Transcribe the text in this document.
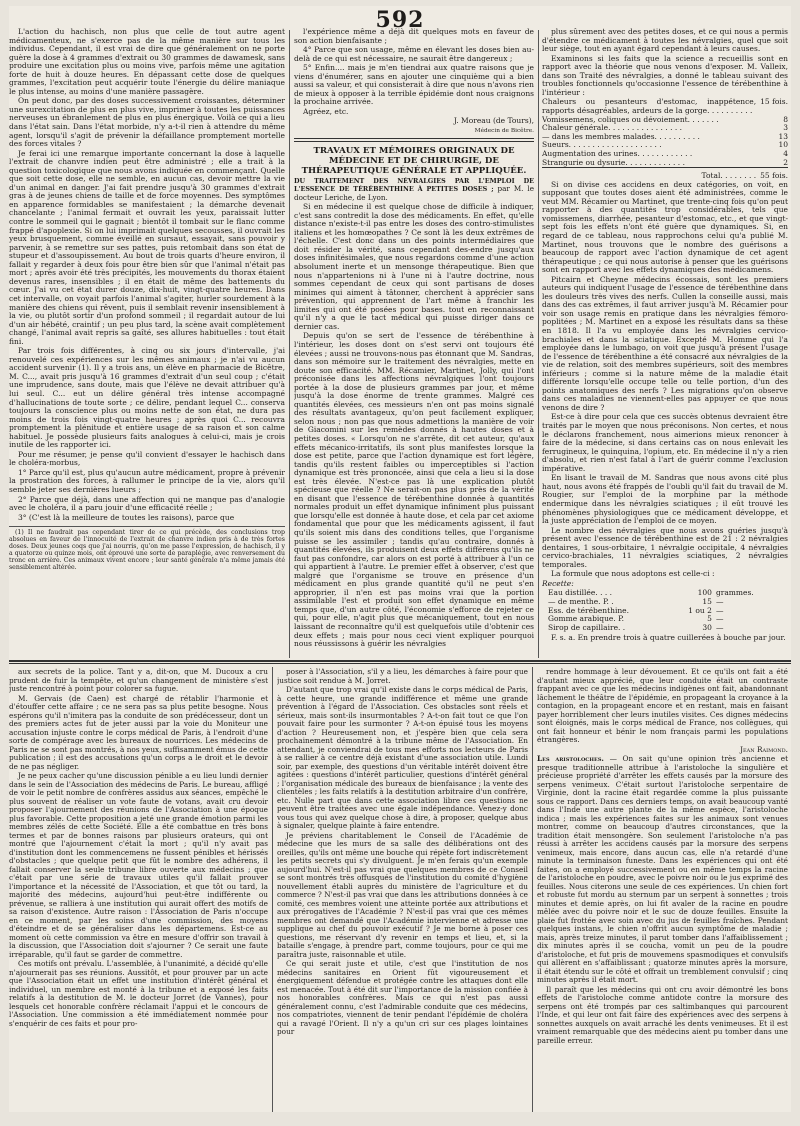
592

L'action du hachisch, non plus que celle de tout autre agent médicamenteux, ne s'exerce pas de la même manière sur tous les individus. Cependant, il est vrai de dire que généralement on ne porte guère la dose à 4 grammes d'extrait ou 30 grammes de dawamesk, sans produire une excitation plus ou moins vive, parfois même une agitation forte de huit à douze heures. En dépassant cette dose de quelques grammes, l'excitation peut acquérir toute l'énergie du délire maniaque le plus intense, au moins d'une manière passagère.

On peut donc, par des doses successivement croissantes, déterminer une surexcitation de plus en plus vive, imprimer à toutes les puissances nerveuses un ébranlement de plus en plus énergique. Voilà ce qui a lieu dans l'état sain. Dans l'état morbide, n'y a-t-il rien à attendre du même agent, lorsqu'il s'agit de prévenir la défaillance promptement mortelle des forces vitales ?

Je ferai ici une remarque importante concernant la dose à laquelle l'extrait de chanvre indien peut être administré ; elle a trait à la question toxicologique que nous avons indiquée en commençant. Quelle que soit cette dose, elle ne semble, en aucun cas, devoir mettre la vie d'un animal en danger. J'ai fait prendre jusqu'à 30 grammes d'extrait gras à de jeunes chiens de taille et de force moyennes. Des symptômes en apparence formidables se manifestaient ; la démarche devenait chancelante ; l'animal fermait et ouvrait les yeux, paraissait lutter contre le sommeil qui le gagnait ; bientôt il tombait sur le flanc comme frappé d'apoplexie. Si on lui imprimait quelques secousses, il ouvrait les yeux brusquement, comme éveillé en sursaut, essayait, sans pouvoir y parvenir, à se remettre sur ses pattes, puis retombait dans son état de stupeur et d'assoupissement. Au bout de trois quarts d'heure environ, il fallait y regarder à deux fois pour être bien sûr que l'animal n'était pas mort ; après avoir été très précipités, les mouvements du thorax étaient devenus rares, insensibles ; il en était de même des battements du cœur. J'ai vu cet état durer douze, dix-huit, vingt-quatre heures. Dans cet intervalle, on voyait parfois l'animal s'agiter, hurler sourdement à la manière des chiens qui rêvent, puis il semblait revenir insensiblement à la vie, ou plutôt sortir d'un profond sommeil ; il regardait autour de lui d'un air hébété, craintif ; un peu plus tard, la scène avait complètement changé, l'animal avait repris sa gaîté, ses allures habituelles : tout était fini.

Par trois fois différentes, à cinq ou six jours d'intervalle, j'ai renouvelé ces expériences sur les mêmes animaux ; je n'ai vu aucun accident survenir (1). Il y a trois ans, un élève en pharmacie de Bicêtre, M. C..., avait pris jusqu'à 16 grammes d'extrait d'un seul coup ; c'était une imprudence, sans doute, mais que l'élève ne devait attribuer qu'à lui seul. C... eut un délire général très intense accompagné d'hallucinations de toute sorte ; ce délire, pendant lequel C... conserva toujours la conscience plus ou moins nette de son état, ne dura pas moins de trois fois vingt-quatre heures ; après quoi C... recouvra promptement la plénitude et entière usage de sa raison et son calme habituel. Je possède plusieurs faits analogues à celui-ci, mais je crois inutile de les rapporter ici.

Pour me résumer, je pense qu'il convient d'essayer le hachisch dans le choléra-morbus,

1° Parce qu'il est, plus qu'aucun autre médicament, propre à prévenir la prostration des forces, à rallumer le principe de la vie, alors qu'il semble jeter ses dernières lueurs ;

2° Parce que déjà, dans une affection qui ne manque pas d'analogie avec le choléra, il a paru jouir d'une efficacité réelle ;

3° (C'est là la meilleure de toutes les raisons), parce que

(1) Il ne faudrait pas cependant tirer de ce qui précède, des conclusions trop absolues en faveur de l'innocuité de l'extrait de chanvre indien pris à de très fortes doses. Deux jeunes coqs que j'ai nourris, qu'on me passe l'expression, de hachisch, il y a quatorze ou quinze mois, ont éprouvé une sorte de paraplégie, avec renversement du tronc en arrière. Ces animaux vivent encore ; leur santé générale n'a même jamais été sensiblement altérée.

l'expérience même a déjà dit quelques mots en faveur de son action bienfaisante ;

4° Parce que son usage, même en élevant les doses bien au-delà de ce qui est nécessaire, ne saurait être dangereux ;

5° Enfin.... mais je m'en tiendrai aux quatre raisons que je viens d'énumérer, sans en ajouter une cinquième qui a bien aussi sa valeur, et qui consisterait à dire que nous n'avons rien de mieux à opposer à la terrible épidémie dont nous craignons la prochaine arrivée.

Agréez, etc.

J. Moreau (de Tours),

Médecin de Bicêtre.

TRAVAUX ET MÉMOIRES ORIGINAUX DE MÉDECINE ET DE CHIRURGIE, DE THÉRAPEUTIQUE GÉNÉRALE ET APPLIQUÉE.

DU TRAITEMENT DES NÉVRALGIES PAR L'EMPLOI DE L'ESSENCE DE TÉRÉBENTHINE À PETITES DOSES ; par M. le docteur Leriche, de Lyon.

Si en médecine il est quelque chose de difficile à indiquer, c'est sans contredit la dose des médicaments. En effet, qu'elle distance n'existe-t-il pas entre les doses des contro-stimulistes italiens et les homœopathes ? Ce sont là les deux extrêmes de l'échelle. C'est donc dans un des points intermédiaires que doit résider la vérité, sans cependant des-endre jusqu'aux doses infinitésimales, que nous regardons comme d'une action absolument inerte et un mensonge thérapeutique. Bien que nous n'appartenions ni à l'une ni à l'autre doctrine, nous sommes cependant de ceux qui sont partisans de doses minimes qui aiment à tâtonner, cherchent à apprécier sans prévention, qui apprennent de l'art même à franchir les limites qui ont été posées pour bases. tout en reconnaissant qu'il n'y a que le tact médical qui puisse diriger dans ce dernier cas.

Depuis qu'on se sert de l'essence de térébenthine à l'intérieur, les doses dont on s'est servi ont toujours été élevées ; aussi ne trouvons-nous pas étonnant que M. Sandras, dans son mémoire sur le traitement des névralgies, mette en doute son efficacité. MM. Récamier, Martinet, Jolly, qui l'ont préconisée dans les affections névralgiques l'ont toujours portée à la dose de plusieurs grammes par jour, et même jusqu'à la dose énorme de trente grammes. Malgré ces quantités élevées, ces messieurs n'en ont pas moins signalé des résultats avantageux, qu'on peut facilement expliquer, selon nous ; non pas que nous admettions la manière de voir de Giacomini sur les remèdes donnés à hautes doses et à petites doses. « Lorsqu'on ne s'arrête, dit cet auteur, qu'aux effets mécanico-irritatifs, ils sont plus manifestes lorsque la dose est petite, parce que l'action dynamique est fort légère, tandis qu'ils restent faibles ou imperceptibles si l'action dynamique est très prononcée, ainsi que cela a lieu si la dose est très élevée. N'est-ce pas là une explication plutôt spécieuse que réelle ? Ne serait-on pas plus près de la vérité en disant que l'essence de térébenthine donnée à quantités normales produit un effet dynamique infiniment plus puissant que lorsqu'elle est donnée à haute dose, et cela par cet axiome fondamental que pour que les médicaments agissent, il faut qu'ils soient mis dans des conditions telles, que l'organisme puisse se les assimiler ; tandis qu'au contraire, donnés à quantités élevées, ils produisent deux effets différens qu'ils ne faut pas confondre, car alors on est porté à attribuer à l'un ce qui appartient à l'autre. Le premier effet à observer, c'est que malgré que l'organisme se trouve en présence d'un médicament en plus grande quantité qu'il ne peut s'en approprier, il n'en est pas moins vrai que la portion assimilable l'est et produit son effet dynamique en même temps que, d'un autre côté, l'économie s'efforce de rejeter ce qui, pour elle, n'agit plus que mécaniquement, tout en nous laissant de reconnaître qu'il est quelquefois utile d'obtenir ces deux effets ; mais pour nous ceci vient expliquer pourquoi nous réussissons à guérir les névralgies

plus sûrement avec des petites doses, et ce qui nous a permis d'étendre ce médicament à toutes les névralgies, quel que soit leur siège, tout en ayant égard cependant à leurs causes.

Examinons si les faits que la science a recueillis sont en rapport avec la théorie que nous venons d'exposer. M. Valleix, dans son Traité des névralgies, a donné le tableau suivant des troubles fonctionnels qu'occasionne l'essence de térébenthine à l'intérieur :

Chaleurs ou pesanteurs d'estomac, inappétence, rapports désagréables, ardeurs de la gorge. . . . . . . . . .	15 fois.
Vomissemens, coliques ou dévoiement. . . . . . .	8
Chaleur générale. . . . . . . . . . . . . . . .	3
— dans les membres malades. . . . . . . . . .	13
Sueurs. . . . . . . . . . . . . . . . . . . .	10
Augmentation des urines. . . . . . . . . . . .	4
Strangurie ou dysurie. . . . . . . . . . . . .	2

Total. . . . . . . .	55 fois.

Si on divise ces accidens en deux catégories, on voit, en supposant que toutes doses aient été administrées, comme le veut MM. Récamier ou Martinet, que trente-cinq fois qu'on peut rapporter à des quantités trop considérables, tels que vomissemens, diarrhée, pesanteur d'estomac, etc., et que vingt-sept fois les effets n'ont été guère que dynamiques. Si, en regard de ce tableau, nous rapprochons celui qu'a publié M. Martinet, nous trouvons que le nombre des guérisons a beaucoup de rapport avec l'action dynamique de cet agent thérapeutique ; ce qui nous autorise à penser que les guérisons sont en rapport avec les effets dynamiques des médicamens.

Pitcairn et Cheyne médecins écossais, sont les premiers auteurs qui indiquent l'usage de l'essence de térébenthine dans les douleurs très vives des nerfs. Cullen la conseille aussi, mais dans des cas extrêmes, il faut arriver jusqu'à M. Récamier pour voir son usage remis en pratique dans les névralgies fémoro-poplitées ; M. Martinet en a exposé les résultats dans sa thèse en 1818. Il l'a vu employée dans les névralgies cervico-brachiales et dans la sciatique. Excepté M. Homme qui l'a employée dans le lumbago, on voit que jusqu'à présent l'usage de l'essence de térébenthine a été consacré aux névralgies de la vie de relation, soit des membres supérieurs, soit des membres inférieurs ; comme si la nature même de la maladie était différente lorsqu'elle occupe telle ou telle portion, d'un des points anatomiques des nerfs ? Les migrations qu'on observe dans ces maladies ne viennent-elles pas appuyer ce que nous venons de dire ?

Est-ce à dire pour cela que ces succès obtenus devraient être traités par le moyen que nous préconisons. Non certes, et nous le déclarons franchement, nous aimerions mieux renoncer à faire de la médecine, si dans certains cas on nous enlevait les ferrugineux, le quinquina, l'opium, etc. En médecine il n'y a rien d'absolu, et rien n'est fatal à l'art de guérir comme l'exclusion impérative.

En lisant le travail de M. Sandras que nous avons cité plus haut, nous avons été frappés de l'oubli qu'il fait du travail de M. Rougier, sur l'emploi de la morphine par la méthode endermique dans les névralgies sciatiques ; il eût trouvé les phénomènes physiologiques que ce médicament développe, et la juste appréciation de l'emploi de ce moyen.

Le nombre des névralgies que nous avons guéries jusqu'à présent avec l'essence de térébenthine est de 21 : 2 névralgies dentaires, 1 sous-orbitaire, 1 névralgie occipitale, 4 névralgies cervico-brachiales, 11 névralgies sciatiques, 2 névralgies temporales.

La formule que nous adoptons est celle-ci :

Recette:

Eau distillée. . . .	100	grammes.
— de menthe. P. .	15	—
Ess. de térébenthine.	1 ou 2	—
Gomme arabique. P.	5	—
Sirop de capillaire. .	30	—

F. s. a. En prendre trois à quatre cuillerées à bouche par jour.

aux secrets de la police. Tant y a, dit-on, que M. Ducoux a cru prudent de fuir la tempête, et qu'un changement de ministère s'est juste rencontré à point pour colorer sa fugue.

M. Gervais (de Caen) est chargé de rétablir l'harmonie et d'étouffer cette affaire ; ce ne sera pas sa plus petite besogne. Nous espérons qu'il n'imitera pas la conduite de son prédécesseur, dont un des premiers actes fut de jeter aussi par la voie du Moniteur une accusation injuste contre le corps médical de Paris, à l'endroit d'une sorte de compérage avec les bureaux de nourrices. Les médecins de Paris ne se sont pas montrés, à nos yeux, suffisamment émus de cette publication ; il est des accusations qu'un corps a le droit et le devoir de ne pas négliger.

Je ne peux cacher qu'une discussion pénible a eu lieu lundi dernier dans le sein de l'Association des médecins de Paris. Le bureau, affligé de voir le petit nombre de confrères assidus aux séances, empêché le plus souvent de réaliser un vote faute de votans, avait cru devoir proposer l'ajournement des réunions de l'Association à une époque plus favorable. Cette proposition a jeté une grande émotion parmi les membres zélés de cette Société. Elle a été combattue en très bons termes et par de bonnes raisons par plusieurs orateurs, qui ont montré que l'ajournement c'était la mort ; qu'il n'y avait pas d'institution dont les commencemens ne fussent pénibles et hérissés d'obstacles ; que quelque petit que fût le nombre des adhérens, il fallait conserver la seule tribune libre ouverte aux médecins ; que c'était par une série de travaux utiles qu'il fallait prouver l'importance et la nécessité de l'Association, et que tôt ou tard, la majorité des médecins, aujourd'hui peut-être indifférente ou prévenue, se ralliera à une institution qui aurait offert des motifs de sa raison d'existence. Autre raison : l'Association de Paris n'occupe en ce moment, par les soins d'une commission, des moyens d'éteindre et de se généraliser dans les départemens. Est-ce au moment où cette commission va être en mesure d'offrir son travail à la discussion, que l'Association doit s'ajourner ? Ce serait une faute irréparable, qu'il faut se garder de commettre.

Ces motifs ont prévalu. L'assemblée, à l'unanimité, a décidé qu'elle n'ajournerait pas ses réunions. Aussitôt, et pour prouver par un acte que l'Association était un effet une institution d'intérêt général et individuel, un membre est monté à la tribune et a exposé les faits relatifs à la destitution de M. le docteur Jorret (de Vannes), pour lesquels cet honorable confrère réclamait l'appui et le concours de l'Association. Une commission a été immédiatement nommée pour s'enquérir de ces faits et pour pro-

poser à l'Association, s'il y a lieu, les démarches à faire pour que justice soit rendue à M. Jorret.

D'autant que trop vrai qu'il existe dans le corps médical de Paris, à cette heure, une grande indifférence et même une grande prévention à l'égard de l'Association. Ces obstacles sont réels et sérieux, mais sont-ils insurmontables ? A-t-on fait tout ce que l'on pouvait faire pour les surmonter ? A-t-on épuisé tous les moyens d'action ? Heureusement non, et j'espère bien que cela sera prochainement démontré à la tribune même de l'Association. En attendant, je conviendrai de tous mes efforts nos lecteurs de Paris à se rallier à ce centre déjà existant d'une association utile. Lundi soir, par exemple, des questions d'un véritable intérêt doivent être agitées : questions d'intérêt particulier, questions d'intérêt général ; l'organisation médicale des bureaux de bienfaisance ; la vente des clientèles ; les faits relatifs à la destitution arbitraire d'un confrère, etc. Nulle part que dans cette association libre ces questions ne peuvent être traitées avec une égale indépendance. Venez-y donc vous tous qui avez quelque chose à dire, à proposer, quelque abus à signaler, quelque plainte à faire entendre.

Je préviens charitablement le Conseil de l'Académie de médecine que les murs de sa salle des délibérations ont des oreilles, qu'ils ont même une bouche qui répète fort indiscrètement les petits secrets qui s'y divulguent. Je m'en ferais qu'un exemple aujourd'hui. N'est-il pas vrai que quelques membres de ce Conseil se sont montrés très offusqués de l'institution du comité d'hygiène nouvellement établi auprès du ministère de l'agriculture et du commerce ? N'est-il pas vrai que dans les attributions données à ce comité, ces membres voient une atteinte portée aux attributions et aux prérogatives de l'Académie ? N'est-il pas vrai que ces mêmes membres ont demandé que l'Académie intervienne et adresse une supplique au chef du pouvoir exécutif ? Je me borne à poser ces questions, me réservant d'y revenir en temps et lieu, et, si la bataille s'engage, à prendre part, comme toujours, pour ce qui me paraîtra juste, raisonnable et utile.

Ce qui serait juste et utile, c'est que l'institution de nos médecins sanitaires en Orient fût vigoureusement et énergiquement défendue et protégée contre les attaques dont elle est menacée. Tout à été dit sur l'importance de la mission confiée à nos honorables confrères. Mais ce qui n'est pas aussi généralement connu, c'est l'admirable conduite que ces médecins, nos compatriotes, viennent de tenir pendant l'épidémie de choléra qui a ravagé l'Orient. Il n'y a qu'un cri sur ces plages lointaines pour

rendre hommage à leur dévouement. Et ce qu'ils ont fait a été d'autant mieux apprécié, que leur conduite était un contraste frappant avec ce que les médecins indigènes ont fait, abandonnant lâchement le théâtre de l'épidémie, en propageant la croyance à la contagion, en la propageant encore et en restant, mais en faisant payer horriblement cher leurs inutiles visites. Ces dignes médecins sont éloignés, mais le corps médical de France, nos collègues, qui ont fait honneur et bénir le nom français parmi les populations étrangères.

Jean Raimond.

Les aristoloches. — On sait qu'une opinion très ancienne et presque traditionnelle attribue à l'aristoloche la singulière et précieuse propriété d'arrêter les effets causés par la morsure des serpens venimeux. C'était surtout l'aristoloche serpentaire de Virginie, dont la racine était regardée comme la plus puissante sous ce rapport. Dans ces derniers temps, on avait beaucoup vanté dans l'Inde une autre plante de la même espèce, l'aristoloche indica ; mais les expériences faites sur les animaux sont venues montrer, comme on beaucoup d'autres circonstances, que la tradition était mensongère. Son seulement l'aristoloche n'a pas réussi à arrêter les accidens causés par la morsure des serpens venimeux, mais encore, dans aucun cas, elle n'a retardé d'une minute la terminaison funeste. Dans les expériences qui ont été faites, on a employé successivement ou en même temps la racine de l'aristoloche en poudre, avec le poivre noir ou le jus exprimé des feuilles. Nous citerons une seule de ces expériences. Un chien fort et robuste fut mordu au sternum par un serpent à sonnettes ; trois minutes et demie après, on lui fit avaler de la racine en poudre mêlée avec du poivre noir et le suc de douze feuilles. Ensuite la plaie fut frottée avec soin avec du jus de feuilles fraîches. Pendant quelques instans, le chien n'offrit aucun symptôme de maladie ; mais, après treize minutes, il parut tomber dans l'affaiblissement ; dix minutes après il se coucha, vomit un peu de la poudre d'aristoloche, et fut pris de mouvemens spasmodiques et convulsifs qui allèrent en s'affaiblissant ; quatorze minutes après la morsure, il était étendu sur le côté et offrait un tremblement convulsif ; cinq minutes après il était mort.

Il paraît que les médecins qui ont cru avoir démontré les bons effets de l'aristoloche comme antidote contre la morsure des serpens ont été trompés par ces saltimbanques qui parcourent l'Inde, et qui leur ont fait faire des expériences avec des serpens à sonnettes auxquels on avait arraché les dents venimeuses. Et il est vraiment remarquable que des médecins aient pu tomber dans une pareille erreur.
